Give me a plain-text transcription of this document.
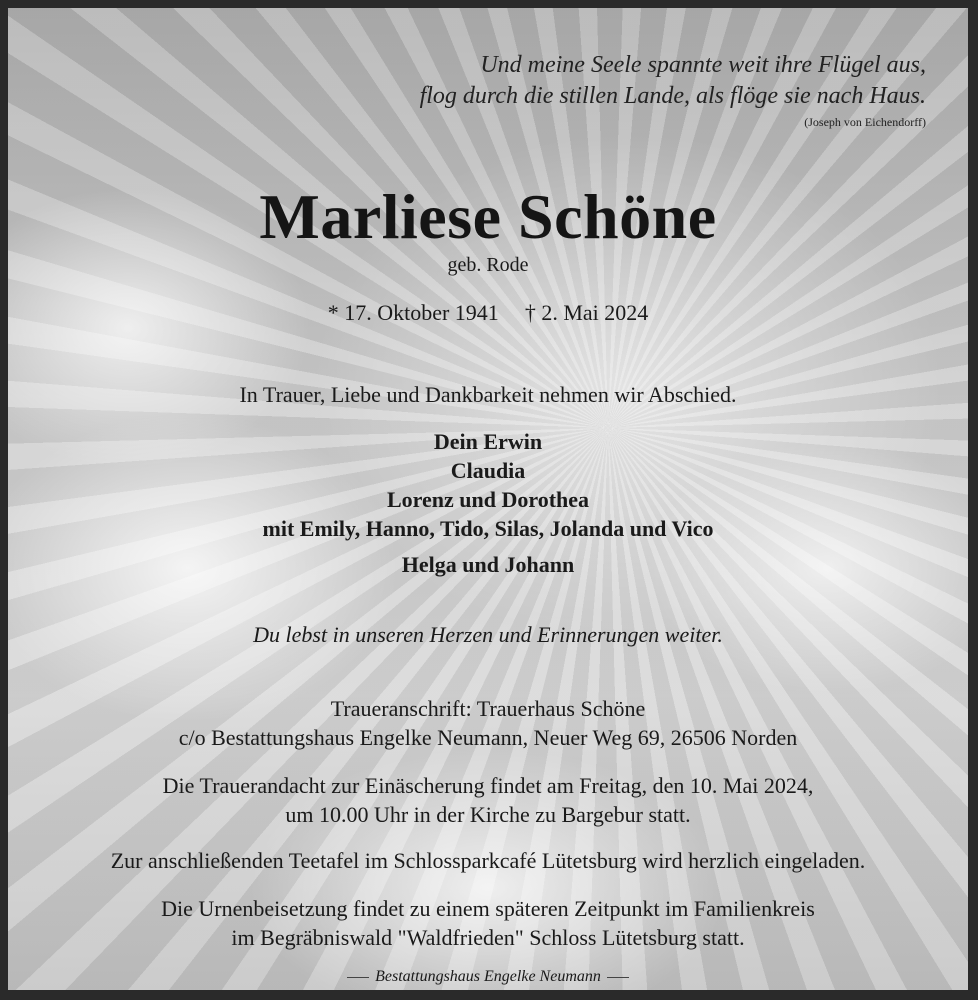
Und meine Seele spannte weit ihre Flügel aus,
flog durch die stillen Lande, als flöge sie nach Haus.
(Joseph von Eichendorff)
Marliese Schöne
geb. Rode
* 17. Oktober 1941 † 2. Mai 2024
In Trauer, Liebe und Dankbarkeit nehmen wir Abschied.
Dein Erwin
Claudia
Lorenz und Dorothea
mit Emily, Hanno, Tido, Silas, Jolanda und Vico
Helga und Johann
Du lebst in unseren Herzen und Erinnerungen weiter.
Traueranschrift: Trauerhaus Schöne
c/o Bestattungshaus Engelke Neumann, Neuer Weg 69, 26506 Norden
Die Trauerandacht zur Einäscherung findet am Freitag, den 10. Mai 2024,
um 10.00 Uhr in der Kirche zu Bargebur statt.
Zur anschließenden Teetafel im Schlossparkcafé Lütetsburg wird herzlich eingeladen.
Die Urnenbeisetzung findet zu einem späteren Zeitpunkt im Familienkreis
im Begräbniswald "Waldfrieden" Schloss Lütetsburg statt.
Bestattungshaus Engelke Neumann
